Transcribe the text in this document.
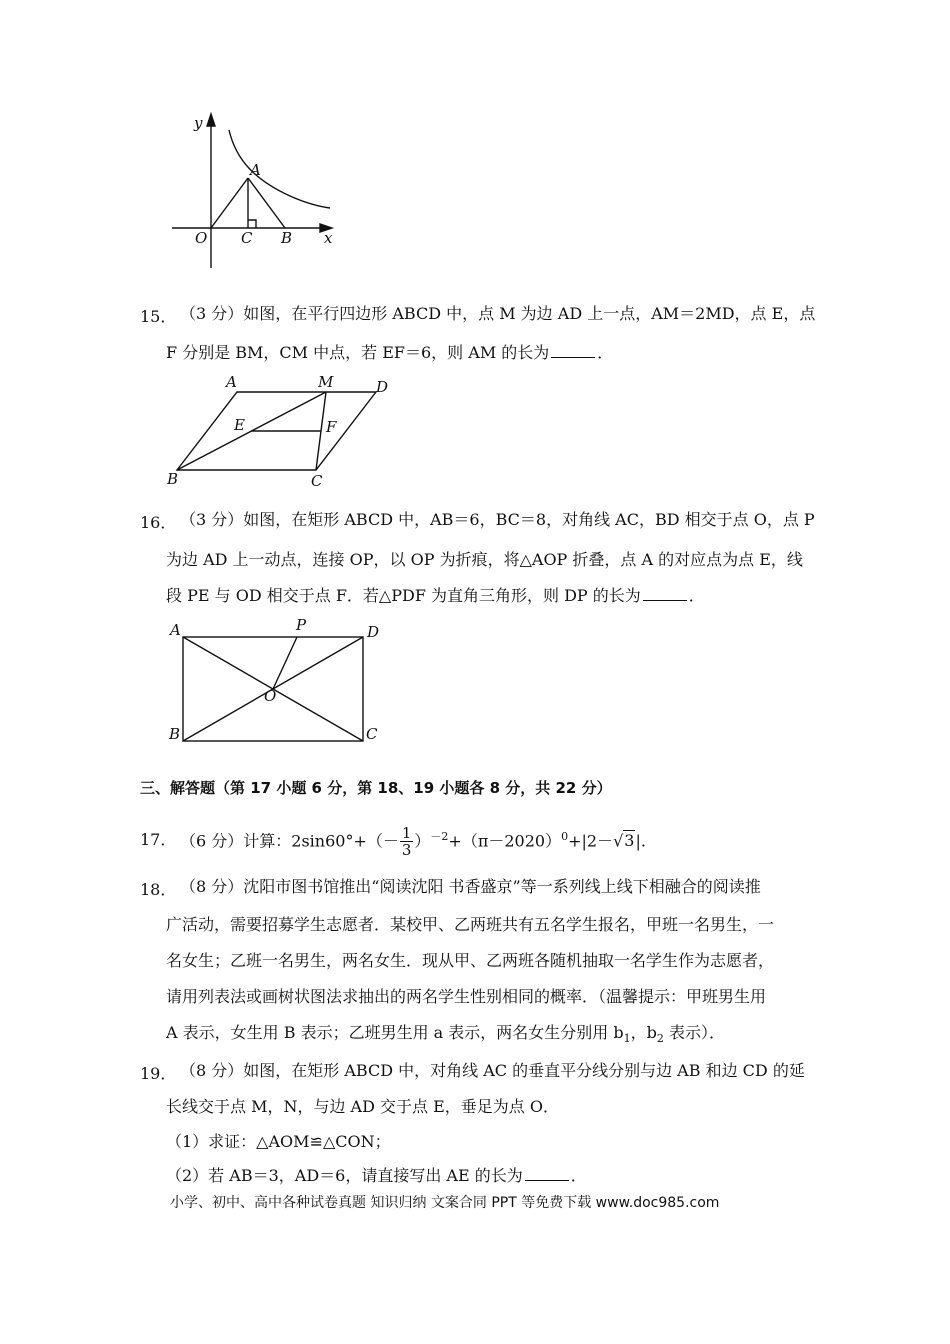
y
x
O
A
C B
15． （3 分）如图，在平行四边形 ABCD 中，点 M 为边 AD 上一点，AM＝2MD，点 E，点
F 分别是 BM，CM 中点，若 EF＝6，则 AM 的长为	．
A	M	D
E	F
B	C
16． （3 分）如图，在矩形 ABCD 中，AB＝6，BC＝8，对角线 AC，BD 相交于点 O，点 P
为边 AD 上一动点，连接 OP，以 OP 为折痕，将△AOP 折叠，点 A 的对应点为点 E，线
段 PE 与 OD 相交于点 F．若△PDF 为直角三角形，则 DP 的长为	．
A	P	D
O
B	C
三、解答题（第 17 小题 6 分，第 18、19 小题各 8 分，共 22 分）
17． （6 分）计算：$2\sin 60^\circ+(- \frac{1}{3} )^{-2}+(\pi-2020)^0+|2-√3|$.
18． （8 分）沈阳市图书馆推出“阅读沈阳 书香盛京”等一系列线上线下相融合的阅读推
广活动，需要招募学生志愿者．某校甲、乙两班共有五名学生报名，甲班一名男生，一
名女生；乙班一名男生，两名女生．现从甲、乙两班各随机抽取一名学生作为志愿者，
请用列表法或画树状图法求抽出的两名学生性别相同的概率．（温馨提示：甲班男生用
A 表示，女生用 B 表示；乙班男生用 a 表示，两名女生分别用 $b_1$，$b_2$ 表示）．
19． （8 分）如图，在矩形 ABCD 中，对角线 AC 的垂直平分线分别与边 AB 和边 CD 的延
长线交于点 M，N，与边 AD 交于点 E，垂足为点 O．
（1）求证：△AOM≌△CON；
（2）若 AB＝3，AD＝6，请直接写出 AE 的长为	．
小学、初中、高中各种试卷真题 知识归纳 文案合同 PPT 等免费下载 www.doc985.com
